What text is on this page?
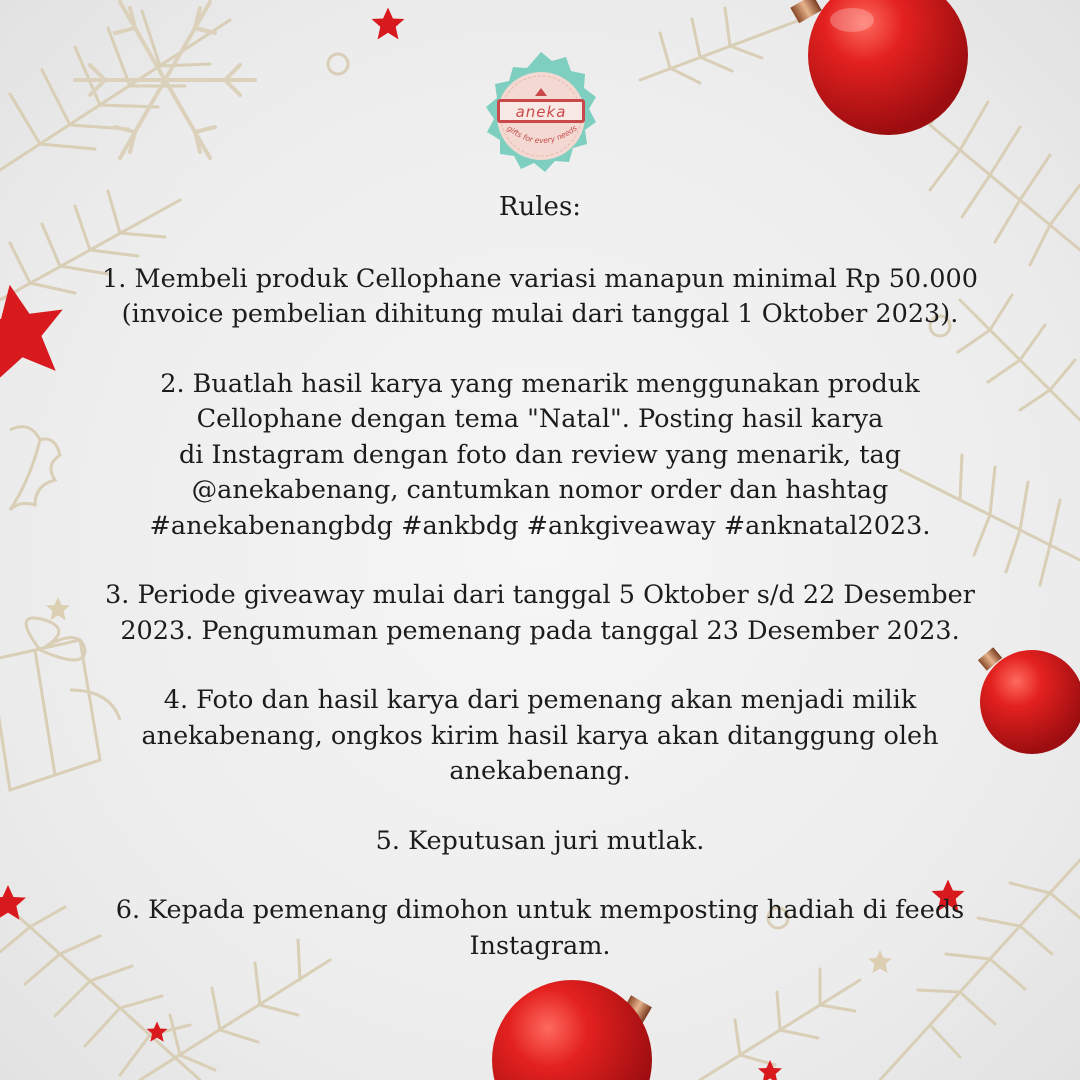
aneka
gifts for every needs
Rules:

1. Membeli produk Cellophane variasi manapun minimal Rp 50.000
(invoice pembelian dihitung mulai dari tanggal 1 Oktober 2023).

2. Buatlah hasil karya yang menarik menggunakan produk
Cellophane dengan tema "Natal". Posting hasil karya
di Instagram dengan foto dan review yang menarik, tag
@anekabenang, cantumkan nomor order dan hashtag
#anekabenangbdg #ankbdg #ankgiveaway #anknatal2023.

3. Periode giveaway mulai dari tanggal 5 Oktober s/d 22 Desember
2023. Pengumuman pemenang pada tanggal 23 Desember 2023.

4. Foto dan hasil karya dari pemenang akan menjadi milik
anekabenang, ongkos kirim hasil karya akan ditanggung oleh
anekabenang.

5. Keputusan juri mutlak.

6. Kepada pemenang dimohon untuk memposting hadiah di feeds
Instagram.
